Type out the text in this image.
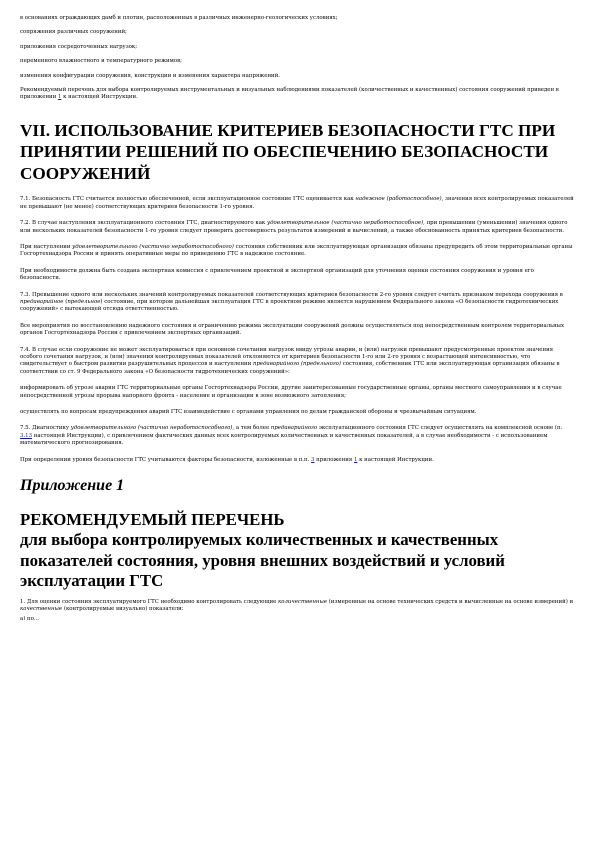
в основаниях ограждающих дамб и плотин, расположенных в различных инженерно-геологических условиях;

сопряжения различных сооружений;

приложения сосредоточенных нагрузок;

переменного влажностного и температурного режимов;

изменения конфигурации сооружения, конструкции и изменения характера напряжений.

Рекомендуемый перечень для выбора контролируемых инструментальных и визуальных наблюдениями показателей (количественных и качественных) состояния сооружений приведен в приложении 1 к настоящей Инструкции.

VII. ИСПОЛЬЗОВАНИЕ КРИТЕРИЕВ БЕЗОПАСНОСТИ ГТС ПРИ ПРИНЯТИИ РЕШЕНИЙ ПО ОБЕСПЕЧЕНИЮ БЕЗОПАСНОСТИ СООРУЖЕНИЙ

7.1. Безопасность ГТС считается полностью обеспеченной, если эксплуатационное состояние ГТС оценивается как надежное (работоспособное), значения всех контролируемых показателей не превышают (не менее) соответствующих критериев безопасности 1-го уровня.

7.2. В случае наступления эксплуатационного состояния ГТС, диагностируемого как удовлетворительное (частично неработоспособное), при превышении (уменьшении) значения одного или нескольких показателей безопасности 1-го уровня следует проверить достоверность результатов измерений и вычислений, а также обоснованность принятых критериев безопасности.

При наступлении удовлетворительного (частично неработоспособного) состояния собственник или эксплуатирующая организация обязаны предупредить об этом территориальные органы Госгортехнадзора России и принять оперативные меры по приведению ГТС в надежное состояние.

При необходимости должна быть создана экспертная комиссия с привлечением проектной и экспертной организаций для уточнения оценки состояния сооружения и уровня его безопасности.

7.3. Превышение одного или нескольких значений контролируемых показателей соответствующих критериев безопасности 2-го уровня следует считать признаком перехода сооружения в предаварийное (предельное) состояние, при котором дальнейшая эксплуатация ГТС в проектном режиме является нарушением Федерального закона «О безопасности гидротехнических сооружений» с вытекающей отсюда ответственностью.

Все мероприятия по восстановлению надежного состояния и ограничению режима эксплуатации сооружений должны осуществляться под непосредственным контролем территориальных органов Госгортехнадзора России с привлечением экспертных организаций.

7.4. В случае если сооружение не может эксплуатироваться при основном сочетании нагрузок ввиду угрозы аварии, и (или) нагрузки превышают предусмотренные проектом значения особого сочетания нагрузок, и (или) значения контролируемых показателей отклоняются от критериев безопасности 1-го или 2-го уровня с возрастающей интенсивностью, что свидетельствует о быстром развитии разрушительных процессов и наступлении предаварийного (предельного) состояния, собственник ГТС или эксплуатирующая организация обязаны в соответствии со ст. 9 Федерального закона «О безопасности гидротехнических сооружений»:

информировать об угрозе аварии ГТС территориальные органы Госгортехнадзора России, другие заинтересованные государственные органы, органы местного самоуправления и в случае непосредственной угрозы прорыва напорного фронта - население и организации в зоне возможного затопления;

осуществлять по вопросам предупреждения аварий ГТС взаимодействие с органами управления по делам гражданской обороны и чрезвычайным ситуациям.

7.5. Диагностику удовлетворительного (частично неработоспособного), а тем более предаварийного эксплуатационного состояния ГТС следует осуществлять на комплексной основе (п. 3.13 настоящей Инструкции), с привлечением фактических данных всех контролируемых количественных и качественных показателей, а в случае необходимости - с использованием математического прогнозирования.

При определении уровня безопасности ГТС учитываются факторы безопасности, изложенные в п.п. 3 приложения 1 к настоящей Инструкции.

Приложение 1
РЕКОМЕНДУЕМЫЙ ПЕРЕЧЕНЬ
для выбора контролируемых количественных и качественных показателей состояния, уровня внешних воздействий и условий эксплуатации ГТС

1. Для оценки состояния эксплуатируемого ГТС необходимо контролировать следующие количественные (измеренные на основе технических средств и вычисленные на основе измерений) и качественные (контролируемые визуально) показатели:

а) по...
